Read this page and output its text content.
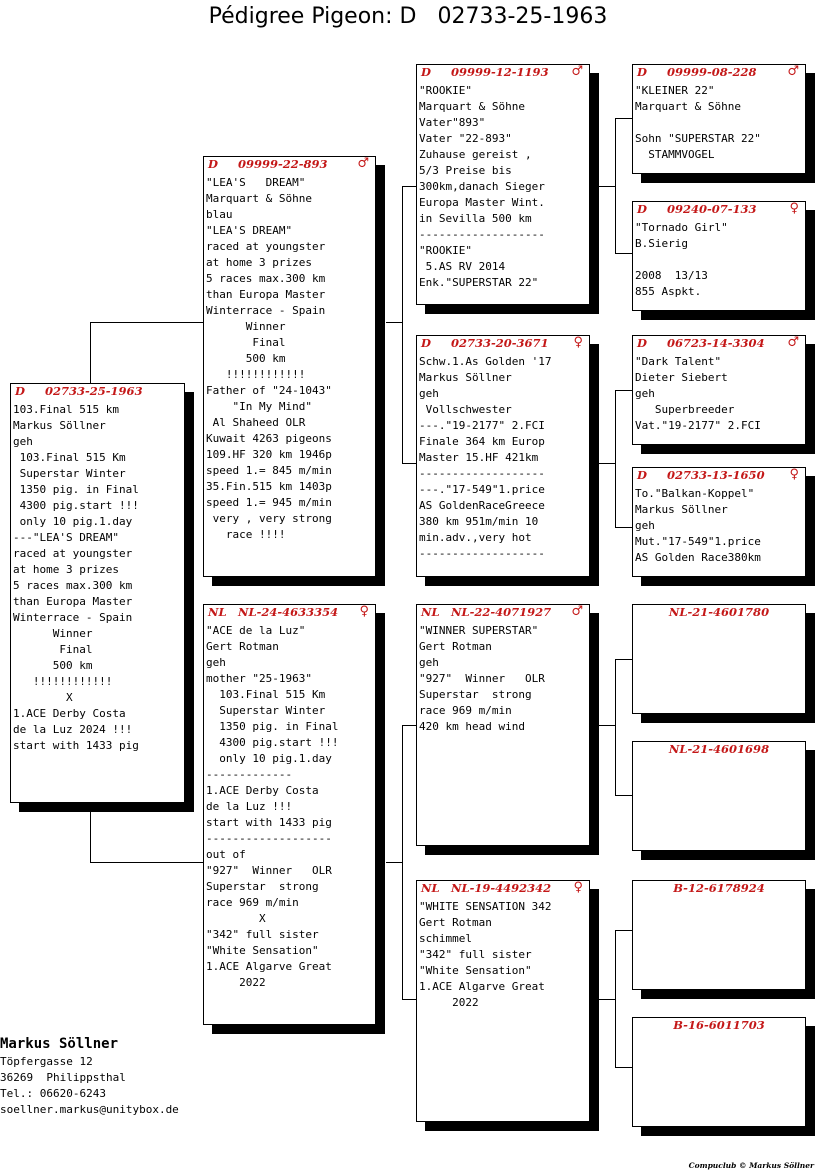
Pédigree Pigeon: D 02733-25-1963
D 02733-25-1963
103.Final 515 km
Markus Söllner
geh
103.Final 515 Km
Superstar Winter
1350 pig. in Final
4300 pig.start !!!
only 10 pig.1.day
---"LEA'S DREAM"
raced at youngster
at home 3 prizes
5 races max.300 km
than Europa Master
Winterrace - Spain
Winner
Final
500 km
!!!!!!!!!!!!
X
1.ACE Derby Costa
de la Luz 2024 !!!
start with 1433 pig
D 09999-22-893 ♂
"LEA'S   DREAM"
Marquart & Söhne
blau
"LEA'S DREAM"
raced at youngster
at home 3 prizes
5 races max.300 km
than Europa Master
Winterrace - Spain
Winner
Final
500 km
!!!!!!!!!!!!
Father of "24-1043"
"In My Mind"
Al Shaheed OLR
Kuwait 4263 pigeons
109.HF 320 km 1946p
speed 1.= 845 m/min
35.Fin.515 km 1403p
speed 1.= 945 m/min
very , very strong
race !!!!
NL NL-24-4633354 ♀
"ACE de la Luz"
Gert Rotman
geh
mother "25-1963"
103.Final 515 Km
Superstar Winter
1350 pig. in Final
4300 pig.start !!!
only 10 pig.1.day
-------------
1.ACE Derby Costa
de la Luz !!!
start with 1433 pig
-------------------
out of
"927"  Winner   OLR
Superstar  strong
race 969 m/min
X
"342" full sister
"White Sensation"
1.ACE Algarve Great
2022
D 09999-12-1193 ♂
"ROOKIE"
Marquart & Söhne
Vater"893"
Vater "22-893"
Zuhause gereist ,
5/3 Preise bis
300km,danach Sieger
Europa Master Wint.
in Sevilla 500 km
-------------------
"ROOKIE"
5.AS RV 2014
Enk."SUPERSTAR 22"
D 02733-20-3671 ♀
Schw.1.As Golden '17
Markus Söllner
geh
Vollschwester
---."19-2177" 2.FCI
Finale 364 km Europ
Master 15.HF 421km
-------------------
---."17-549"1.price
AS GoldenRaceGreece
380 km 951m/min 10
min.adv.,very hot
-------------------
NL NL-22-4071927 ♂
"WINNER SUPERSTAR"
Gert Rotman
geh
"927"  Winner   OLR
Superstar  strong
race 969 m/min
420 km head wind
NL NL-19-4492342 ♀
"WHITE SENSATION 342
Gert Rotman
schimmel
"342" full sister
"White Sensation"
1.ACE Algarve Great
2022
D 09999-08-228 ♂
"KLEINER 22"
Marquart & Söhne
Sohn "SUPERSTAR 22"
STAMMVOGEL
D 09240-07-133	♀
"Tornado Girl"
B.Sierig
2008  13/13
855 Aspkt.
D 06723-14-3304 ♂
"Dark Talent"
Dieter Siebert
geh
Superbreeder
Vat."19-2177" 2.FCI
D 02733-13-1650 ♀
To."Balkan-Koppel"
Markus Söllner
geh
Mut."17-549"1.price
AS Golden Race380km
NL-21-4601780
NL-21-4601698
B-12-6178924
B-16-6011703
Markus Söllner
Töpfergasse 12
36269  Philippsthal
Tel.: 06620-6243
soellner.markus@unitybox.de
Compuclub © Markus Söllner
